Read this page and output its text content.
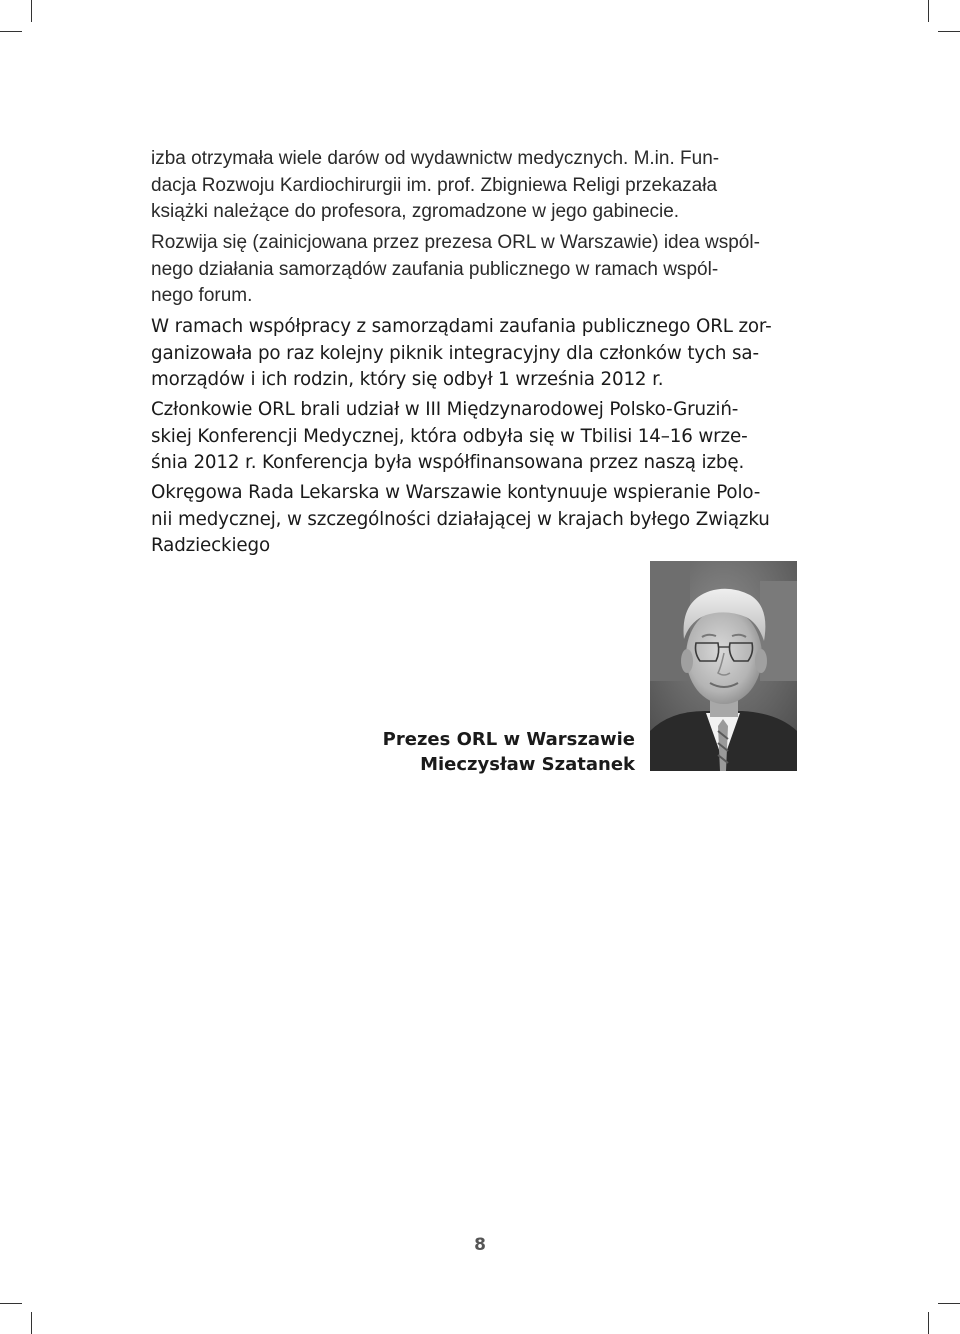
izba otrzymała wiele darów od wydawnictw medycznych. M.in. Fun-
dacja Rozwoju Kardiochirurgii im. prof. Zbigniewa Religi przekazała
książki należące do profesora, zgromadzone w jego gabinecie.

Rozwija się (zainicjowana przez prezesa ORL w Warszawie) idea wspól-
nego działania samorządów zaufania publicznego w ramach wspól-
nego forum.

W ramach współpracy z samorządami zaufania publicznego ORL zor-
ganizowała po raz kolejny piknik integracyjny dla członków tych sa-
morządów i ich rodzin, który się odbył 1 września 2012 r.

Członkowie ORL brali udział w III Międzynarodowej Polsko-Gruziń-
skiej Konferencji Medycznej, która odbyła się w Tbilisi 14–16 wrze-
śnia 2012 r. Konferencja była współfinansowana przez naszą izbę.

Okręgowa Rada Lekarska w Warszawie kontynuuje wspieranie Polo-
nii medycznej, w szczególności działającej w krajach byłego Związku
Radzieckiego

Prezes ORL w Warszawie
Mieczysław Szatanek
8
